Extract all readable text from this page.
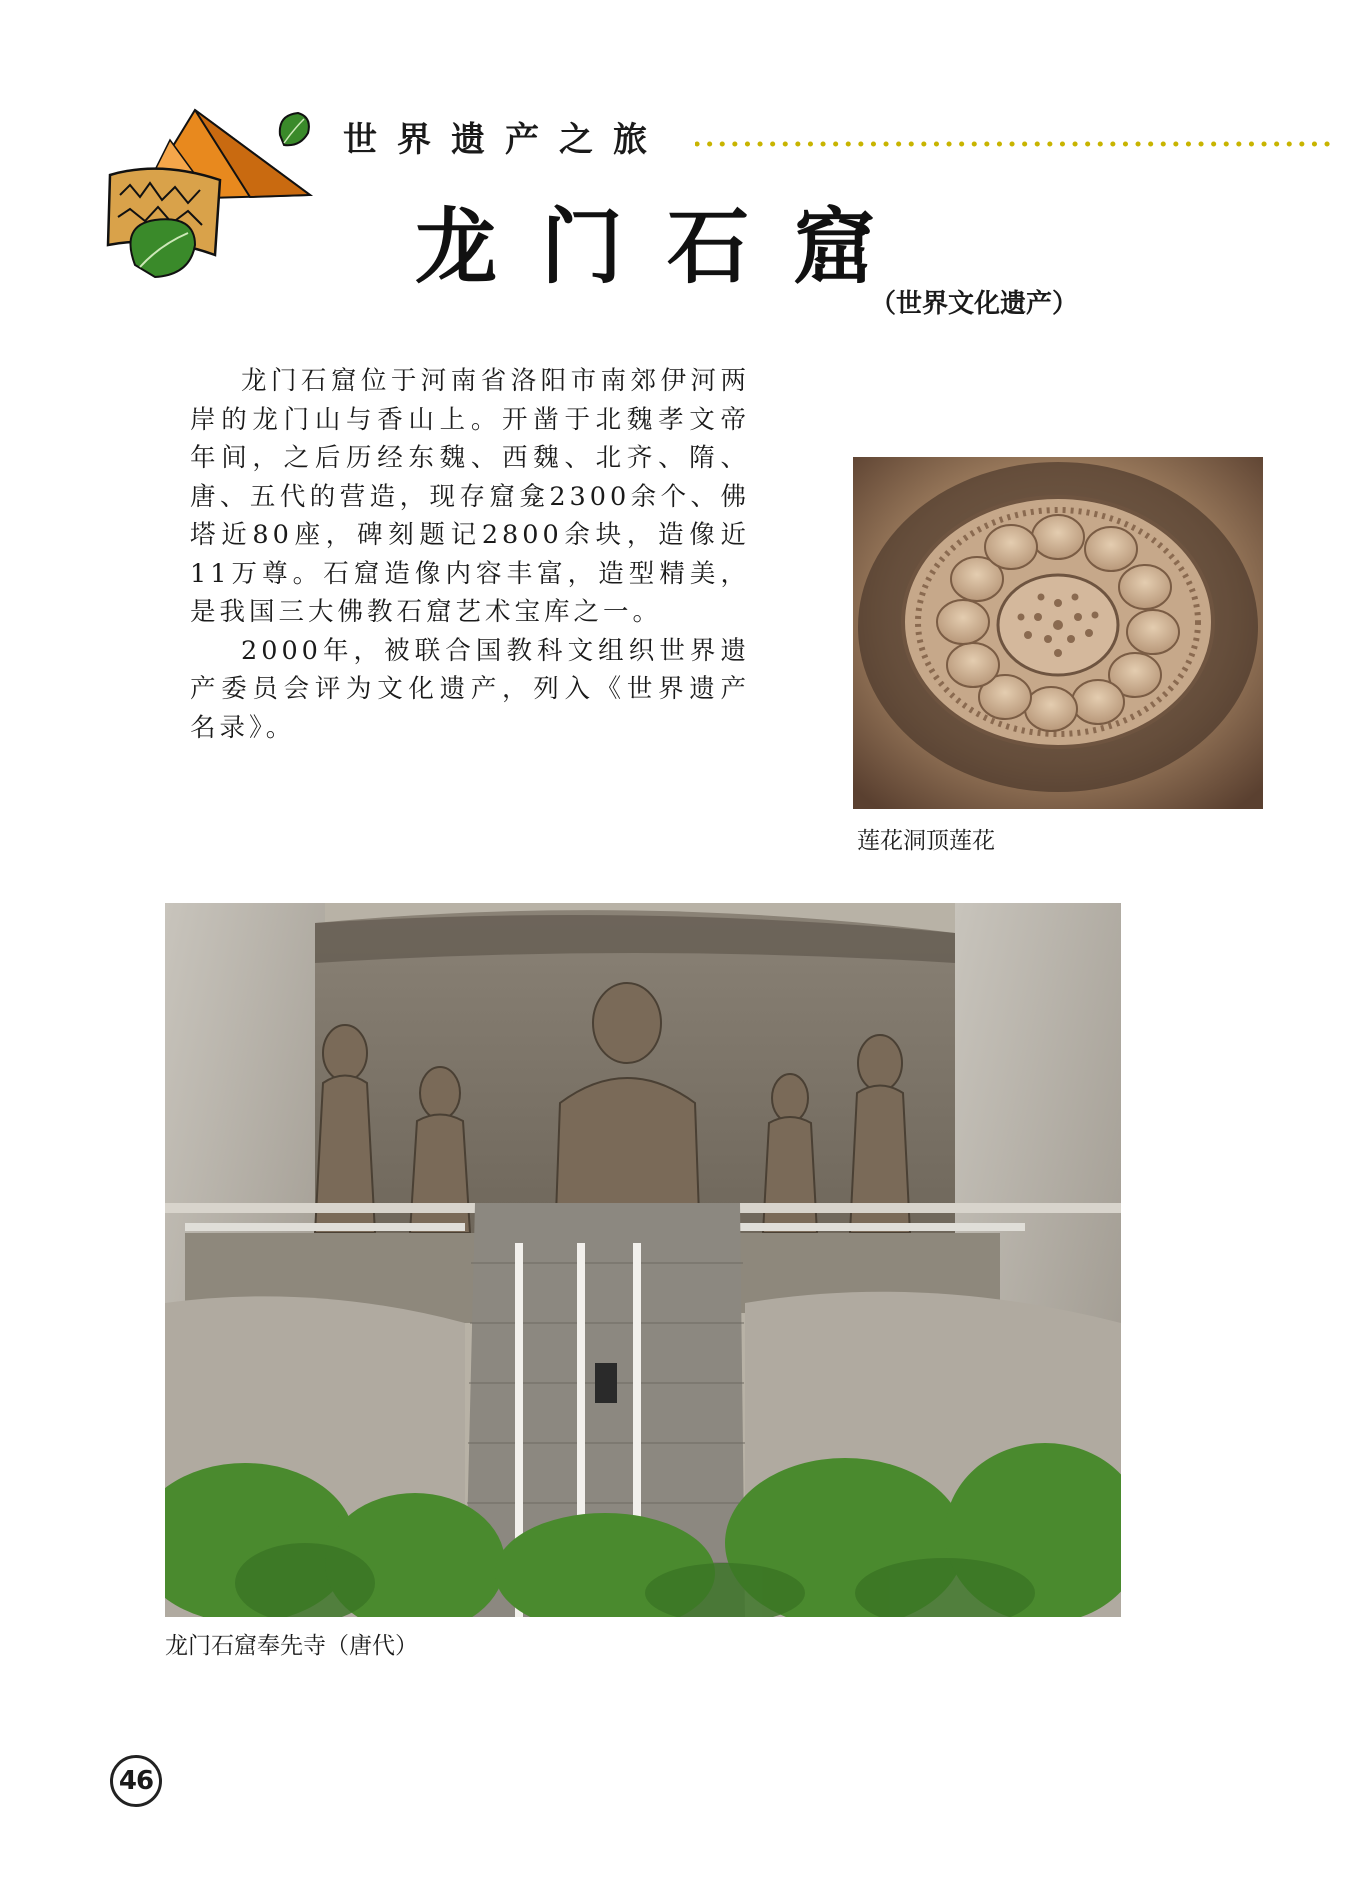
世界遗产之旅
龙门石窟
（世界文化遗产）

龙门石窟位于河南省洛阳市南郊伊河两岸的龙门山与香山上。开凿于北魏孝文帝年间，之后历经东魏、西魏、北齐、隋、唐、五代的营造，现存窟龛2300余个、佛塔近80座，碑刻题记2800余块，造像近11万尊。石窟造像内容丰富，造型精美，是我国三大佛教石窟艺术宝库之一。

2000年，被联合国教科文组织世界遗产委员会评为文化遗产，列入《世界遗产名录》。

莲花洞顶莲花
龙门石窟奉先寺（唐代）
46
